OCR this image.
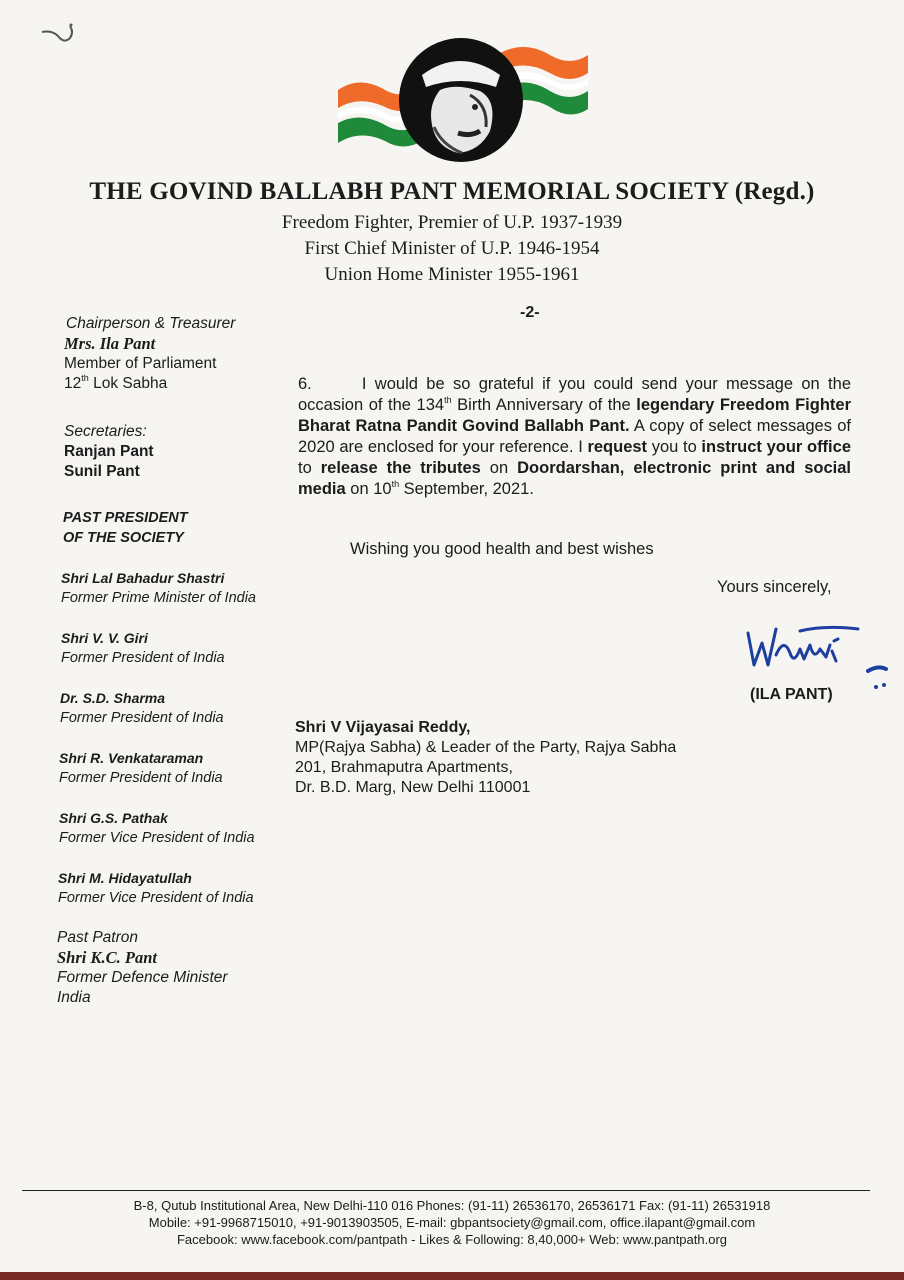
THE GOVIND BALLABH PANT MEMORIAL SOCIETY (Regd.)
Freedom Fighter, Premier of U.P. 1937-1939
First Chief Minister of U.P. 1946-1954
Union Home Minister 1955-1961
-2-
Chairperson & Treasurer
Mrs. Ila Pant
Member of Parliament
12th Lok Sabha
Secretaries:
Ranjan Pant
Sunil Pant
PAST PRESIDENT
OF THE SOCIETY
Shri Lal Bahadur Shastri
Former Prime Minister of India
Shri V. V. Giri
Former President of India
Dr. S.D. Sharma
Former President of India
Shri R. Venkataraman
Former President of India
Shri G.S. Pathak
Former Vice President of India
Shri M. Hidayatullah
Former Vice President of India
Past Patron
Shri K.C. Pant
Former Defence Minister
India
6.	I would be so grateful if you could send your message on the occasion of the 134th Birth Anniversary of the legendary Freedom Fighter Bharat Ratna Pandit Govind Ballabh Pant. A copy of select messages of 2020 are enclosed for your reference. I request you to instruct your office to release the tributes on Doordarshan, electronic print and social media on 10th September, 2021.
Wishing you good health and best wishes
Yours sincerely,
(ILA PANT)
Shri V Vijayasai Reddy,
MP(Rajya Sabha) & Leader of the Party, Rajya Sabha
201, Brahmaputra Apartments,
Dr. B.D. Marg, New Delhi 110001
B-8, Qutub Institutional Area, New Delhi-110 016 Phones: (91-11) 26536170, 26536171 Fax: (91-11) 26531918
Mobile: +91-9968715010, +91-9013903505, E-mail: gbpantsociety@gmail.com, office.ilapant@gmail.com
Facebook: www.facebook.com/pantpath - Likes & Following: 8,40,000+ Web: www.pantpath.org
